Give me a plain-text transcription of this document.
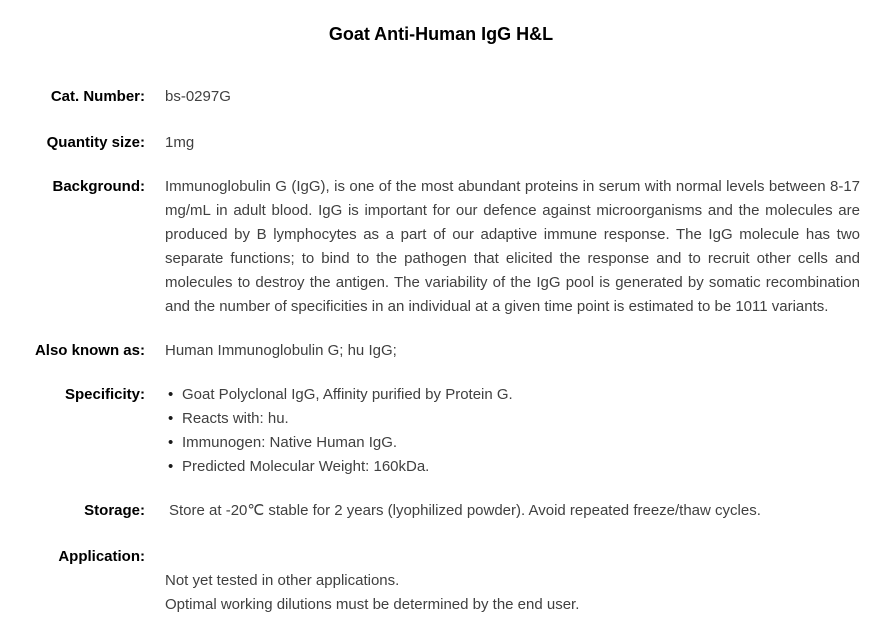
Goat Anti-Human IgG H&L
Cat. Number: bs-0297G
Quantity size: 1mg
Background: Immunoglobulin G (IgG), is one of the most abundant proteins in serum with normal levels between 8-17 mg/mL in adult blood. IgG is important for our defence against microorganisms and the molecules are produced by B lymphocytes as a part of our adaptive immune response. The IgG molecule has two separate functions; to bind to the pathogen that elicited the response and to recruit other cells and molecules to destroy the antigen. The variability of the IgG pool is generated by somatic recombination and the number of specificities in an individual at a given time point is estimated to be 1011 variants.
Also known as: Human Immunoglobulin G; hu IgG;
Specificity:	• Goat Polyclonal IgG, Affinity purified by Protein G.
• Reacts with: hu.
• Immunogen: Native Human IgG.
• Predicted Molecular Weight: 160kDa.
Storage: Store at -20℃ stable for 2 years (lyophilized powder). Avoid repeated freeze/thaw cycles.
Application:
Not yet tested in other applications.
Optimal working dilutions must be determined by the end user.
